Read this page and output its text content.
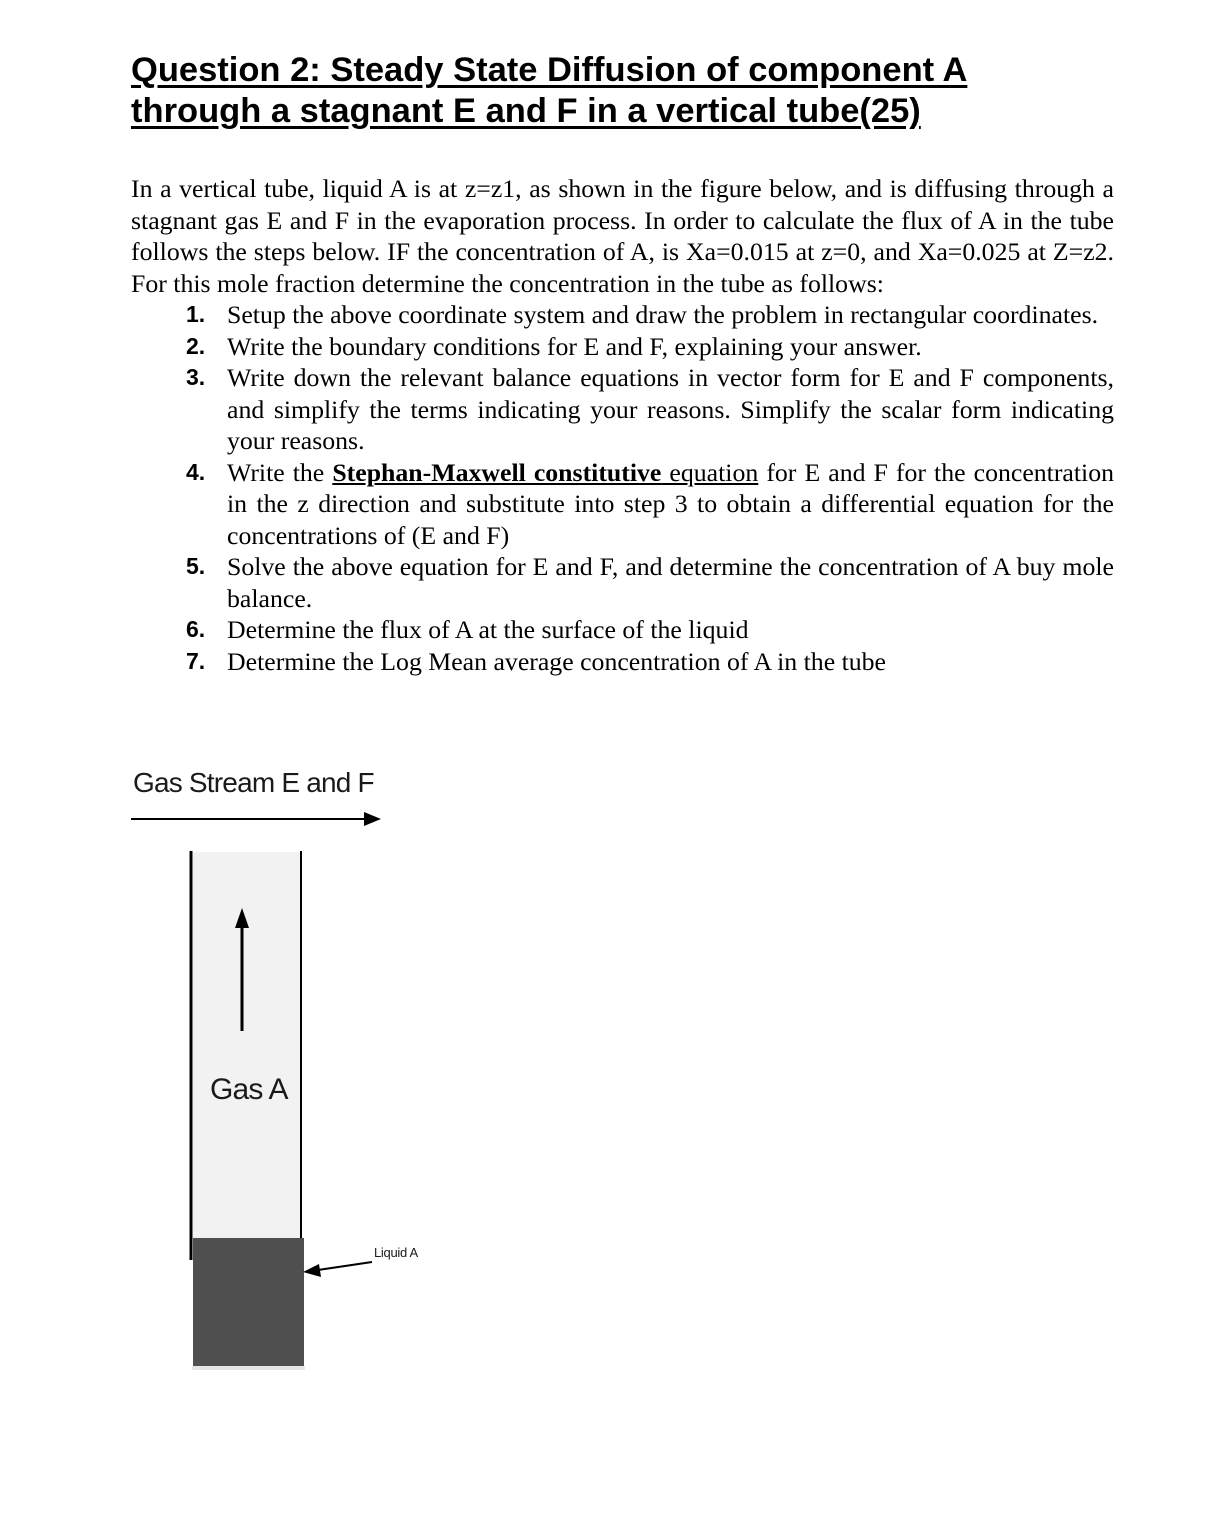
Question 2: Steady State Diffusion of component A
through a stagnant E and F in a vertical tube(25)

In a vertical tube, liquid A is at z=z1, as shown in the figure below, and is diffusing through a stagnant gas E and F in the evaporation process. In order to calculate the flux of A in the tube follows the steps below. IF the concentration of A, is Xa=0.015 at z=0, and Xa=0.025 at Z=z2. For this mole fraction determine the concentration in the tube as follows:

1. Setup the above coordinate system and draw the problem in rectangular coordinates.
2. Write the boundary conditions for E and F, explaining your answer.
3. Write down the relevant balance equations in vector form for E and F components, and simplify the terms indicating your reasons. Simplify the scalar form indicating your reasons.
4. Write the Stephan-Maxwell constitutive equation for E and F for the concentration in the z direction and substitute into step 3 to obtain a differential equation for the concentrations of (E and F)
5. Solve the above equation for E and F, and determine the concentration of A buy mole balance.
6. Determine the flux of A at the surface of the liquid
7. Determine the Log Mean average concentration of A in the tube
Gas Stream E and F
Gas A
Liquid A
